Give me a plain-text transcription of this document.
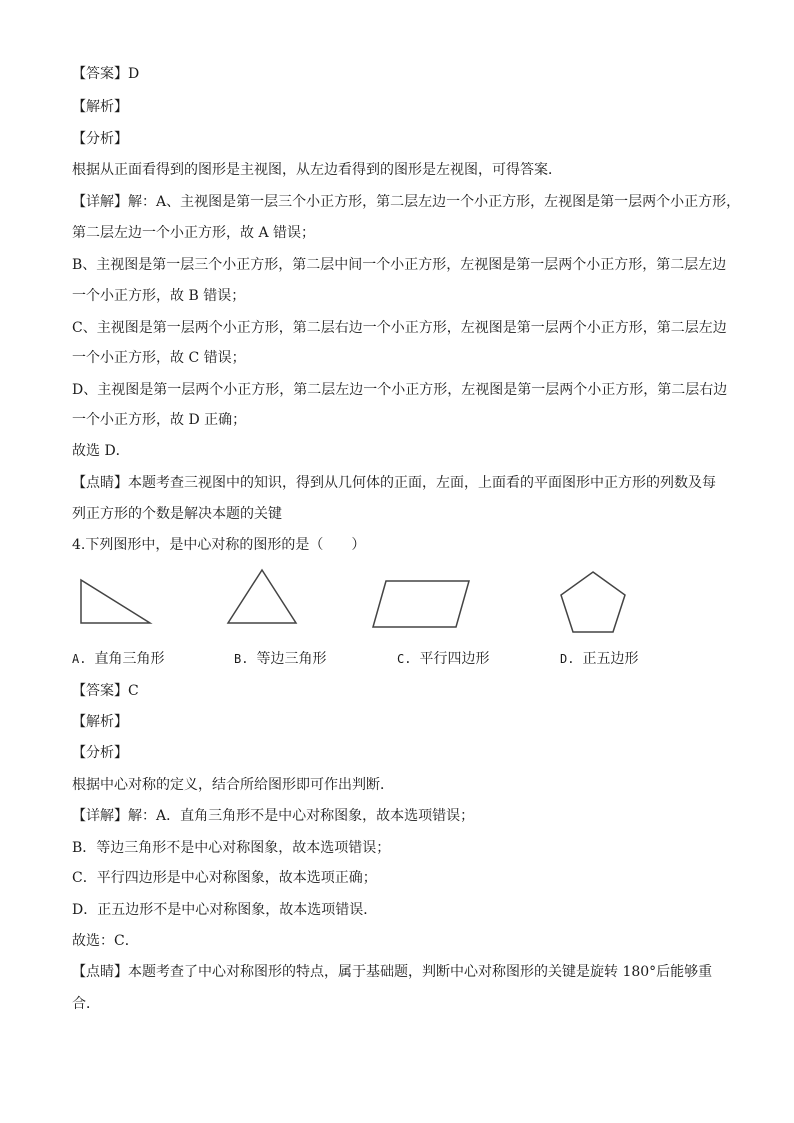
【答案】D
【解析】
【分析】
根据从正面看得到的图形是主视图，从左边看得到的图形是左视图，可得答案．
【详解】解：A、主视图是第一层三个小正方形，第二层左边一个小正方形，左视图是第一层两个小正方形，
第二层左边一个小正方形，故 A 错误；
B、主视图是第一层三个小正方形，第二层中间一个小正方形，左视图是第一层两个小正方形，第二层左边
一个小正方形，故 B 错误；
C、主视图是第一层两个小正方形，第二层右边一个小正方形，左视图是第一层两个小正方形，第二层左边
一个小正方形，故 C 错误；
D、主视图是第一层两个小正方形，第二层左边一个小正方形，左视图是第一层两个小正方形，第二层右边
一个小正方形，故 D 正确；
故选 D．
【点睛】本题考查三视图中的知识，得到从几何体的正面，左面，上面看的平面图形中正方形的列数及每
列正方形的个数是解决本题的关键
4.下列图形中，是中心对称的图形的是（　　）
A. 直角三角形	B. 等边三角形	C. 平行四边形	D. 正五边形
【答案】C
【解析】
【分析】
根据中心对称的定义，结合所给图形即可作出判断．
【详解】解：A．直角三角形不是中心对称图象，故本选项错误；
B．等边三角形不是中心对称图象，故本选项错误；
C．平行四边形是中心对称图象，故本选项正确；
D．正五边形不是中心对称图象，故本选项错误．
故选：C．
【点睛】本题考查了中心对称图形的特点，属于基础题，判断中心对称图形的关键是旋转 180°后能够重
合．
